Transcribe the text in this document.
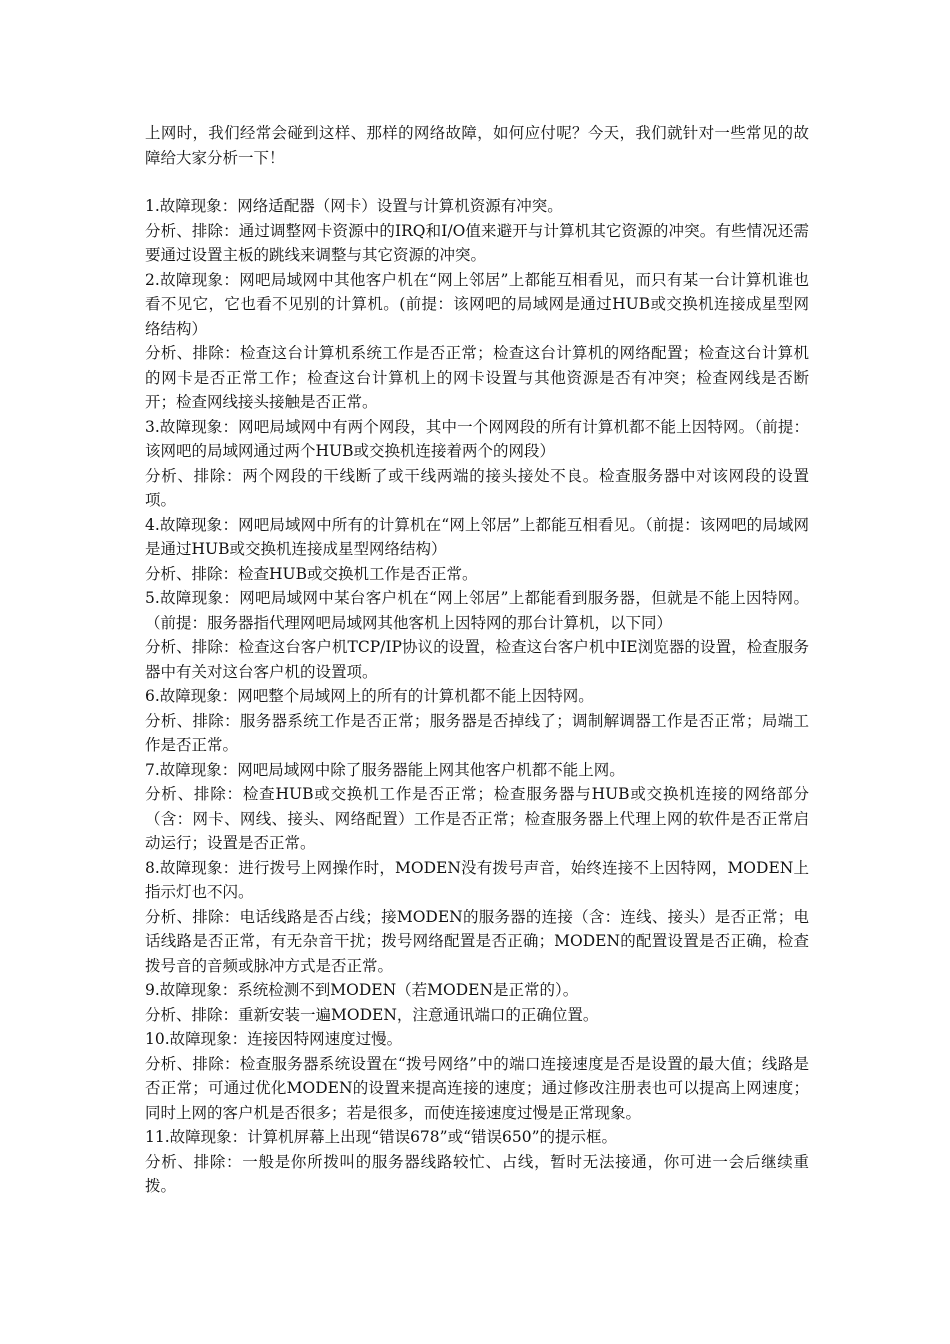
上网时，我们经常会碰到这样、那样的网络故障，如何应付呢？今天，我们就针对一些常见的故障给大家分析一下！

1.故障现象：网络适配器（网卡）设置与计算机资源有冲突。

分析、排除：通过调整网卡资源中的IRQ和I/O值来避开与计算机其它资源的冲突。有些情况还需要通过设置主板的跳线来调整与其它资源的冲突。

2.故障现象：网吧局域网中其他客户机在“网上邻居”上都能互相看见，而只有某一台计算机谁也看不见它，它也看不见别的计算机。(前提：该网吧的局域网是通过HUB或交换机连接成星型网络结构）

分析、排除：检查这台计算机系统工作是否正常；检查这台计算机的网络配置；检查这台计算机的网卡是否正常工作；检查这台计算机上的网卡设置与其他资源是否有冲突；检查网线是否断开；检查网线接头接触是否正常。

3.故障现象：网吧局域网中有两个网段，其中一个网网段的所有计算机都不能上因特网。（前提：该网吧的局域网通过两个HUB或交换机连接着两个的网段）

分析、排除：两个网段的干线断了或干线两端的接头接处不良。检查服务器中对该网段的设置项。

4.故障现象：网吧局域网中所有的计算机在“网上邻居”上都能互相看见。（前提：该网吧的局域网是通过HUB或交换机连接成星型网络结构）

分析、排除：检查HUB或交换机工作是否正常。

5.故障现象：网吧局域网中某台客户机在“网上邻居”上都能看到服务器，但就是不能上因特网。（前提：服务器指代理网吧局域网其他客机上因特网的那台计算机，以下同）

分析、排除：检查这台客户机TCP/IP协议的设置，检查这台客户机中IE浏览器的设置，检查服务器中有关对这台客户机的设置项。

6.故障现象：网吧整个局域网上的所有的计算机都不能上因特网。

分析、排除：服务器系统工作是否正常；服务器是否掉线了；调制解调器工作是否正常；局端工作是否正常。

7.故障现象：网吧局域网中除了服务器能上网其他客户机都不能上网。

分析、排除：检查HUB或交换机工作是否正常；检查服务器与HUB或交换机连接的网络部分（含：网卡、网线、接头、网络配置）工作是否正常；检查服务器上代理上网的软件是否正常启动运行；设置是否正常。

8.故障现象：进行拨号上网操作时，MODEN没有拨号声音，始终连接不上因特网，MODEN上指示灯也不闪。

分析、排除：电话线路是否占线；接MODEN的服务器的连接（含：连线、接头）是否正常；电话线路是否正常，有无杂音干扰；拨号网络配置是否正确；MODEN的配置设置是否正确，检查拨号音的音频或脉冲方式是否正常。

9.故障现象：系统检测不到MODEN（若MODEN是正常的）。

分析、排除：重新安装一遍MODEN，注意通讯端口的正确位置。

10.故障现象：连接因特网速度过慢。

分析、排除：检查服务器系统设置在“拨号网络”中的端口连接速度是否是设置的最大值；线路是否正常；可通过优化MODEN的设置来提高连接的速度；通过修改注册表也可以提高上网速度；同时上网的客户机是否很多；若是很多，而使连接速度过慢是正常现象。

11.故障现象：计算机屏幕上出现“错误678”或“错误650”的提示框。

分析、排除：一般是你所拨叫的服务器线路较忙、占线，暂时无法接通，你可进一会后继续重拨。
